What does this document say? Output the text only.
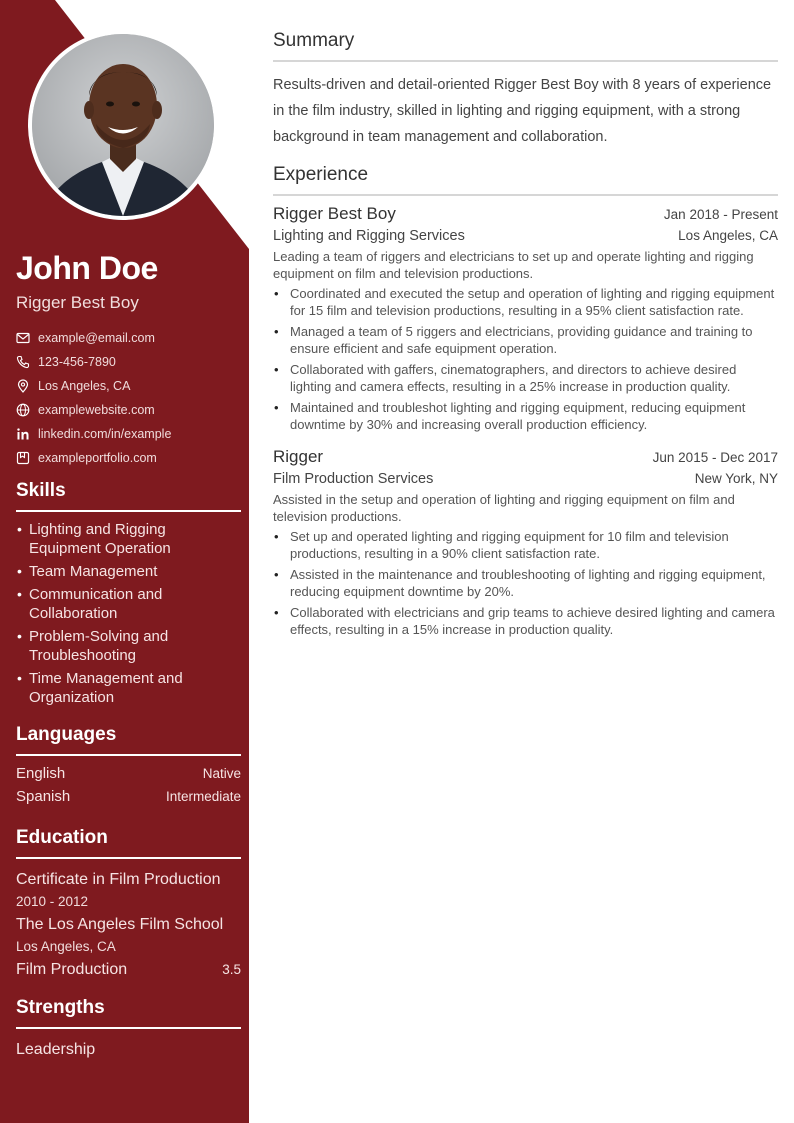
John Doe
Rigger Best Boy
example@email.com
123-456-7890
Los Angeles, CA
examplewebsite.com
linkedin.com/in/example
exampleportfolio.com
Skills
• Lighting and Rigging Equipment Operation
• Team Management
• Communication and Collaboration
• Problem-Solving and Troubleshooting
• Time Management and Organization
Languages
English	Native
Spanish	Intermediate
Education
Certificate in Film Production
2010 - 2012
The Los Angeles Film School
Los Angeles, CA
Film Production	3.5
Strengths
Leadership
Summary

Results-driven and detail-oriented Rigger Best Boy with 8 years of experience in the film industry, skilled in lighting and rigging equipment, with a strong background in team management and collaboration.

Experience
Rigger Best Boy	Jan 2018 - Present
Lighting and Rigging Services	Los Angeles, CA

Leading a team of riggers and electricians to set up and operate lighting and rigging equipment on film and television productions.

• Coordinated and executed the setup and operation of lighting and rigging equipment for 15 film and television productions, resulting in a 95% client satisfaction rate.
• Managed a team of 5 riggers and electricians, providing guidance and training to ensure efficient and safe equipment operation.
• Collaborated with gaffers, cinematographers, and directors to achieve desired lighting and camera effects, resulting in a 25% increase in production quality.
• Maintained and troubleshot lighting and rigging equipment, reducing equipment downtime by 30% and increasing overall production efficiency.
Rigger	Jun 2015 - Dec 2017
Film Production Services	New York, NY

Assisted in the setup and operation of lighting and rigging equipment on film and television productions.

• Set up and operated lighting and rigging equipment for 10 film and television productions, resulting in a 90% client satisfaction rate.
• Assisted in the maintenance and troubleshooting of lighting and rigging equipment, reducing equipment downtime by 20%.
• Collaborated with electricians and grip teams to achieve desired lighting and camera effects, resulting in a 15% increase in production quality.
